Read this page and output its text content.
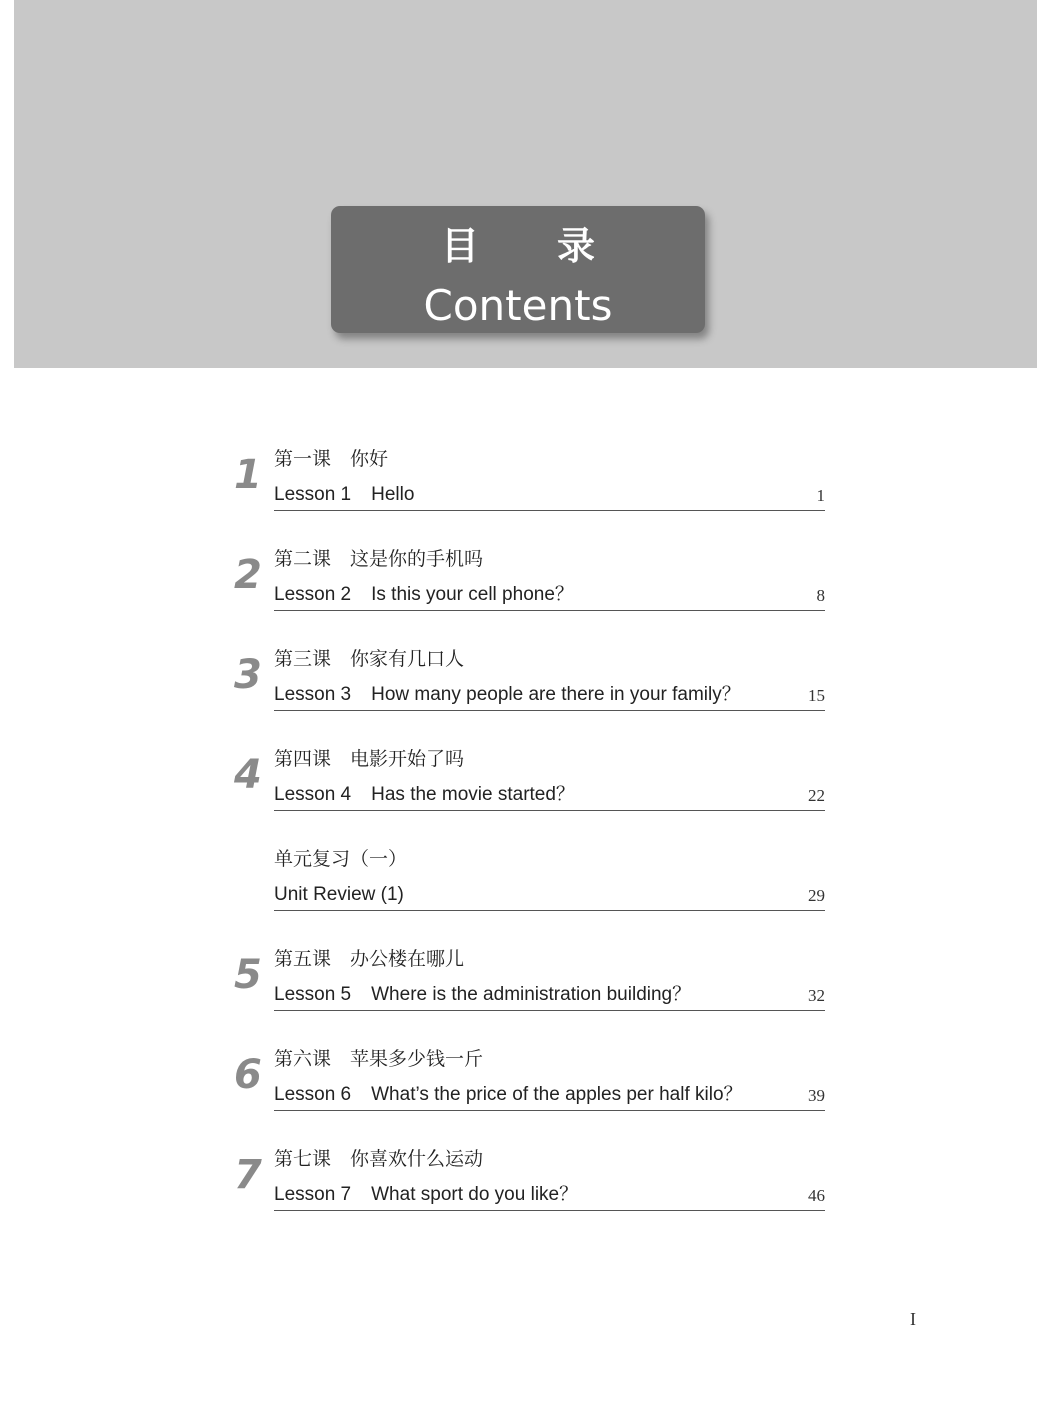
目录
Contents
1 第一课　你好
Lesson 1 Hello	1
2 第二课　这是你的手机吗
Lesson 2 Is this your cell phone？	8
3 第三课　你家有几口人
Lesson 3 How many people are there in your family？	15
4 第四课　电影开始了吗
Lesson 4 Has the movie started？	22
单元复习（一）
Unit Review (1)	29
5 第五课　办公楼在哪儿
Lesson 5 Where is the administration building？	32
6 第六课　苹果多少钱一斤
Lesson 6 What’s the price of the apples per half kilo？	39
7 第七课　你喜欢什么运动
Lesson 7 What sport do you like？	46
I
